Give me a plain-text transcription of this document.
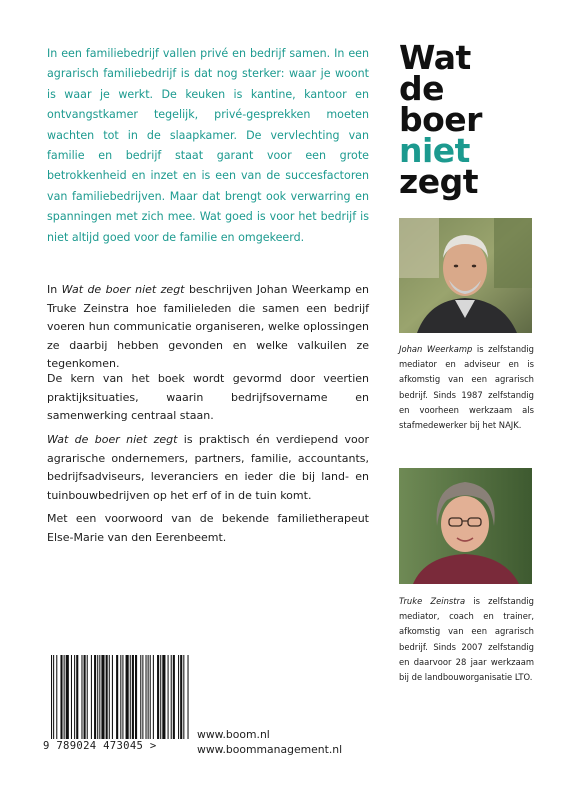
In een familiebedrijf vallen privé en bedrijf samen. In een agrarisch familiebedrijf is dat nog sterker: waar je woont is waar je werkt. De keuken is kantine, kantoor en ontvangstkamer tegelijk, privé-gesprekken moeten wachten tot in de slaapkamer. De vervlechting van familie en bedrijf staat garant voor een grote betrokkenheid en inzet en is een van de succesfactoren van familiebedrijven. Maar dat brengt ook verwarring en spanningen met zich mee. Wat goed is voor het bedrijf is niet altijd goed voor de familie en omgekeerd.

Wat
de
boer
niet
zegt

In Wat de boer niet zegt beschrijven Johan Weerkamp en Truke Zeinstra hoe familieleden die samen een bedrijf voeren hun communicatie organiseren, welke oplossingen ze daarbij hebben gevonden en welke valkuilen ze tegenkomen.

De kern van het boek wordt gevormd door veertien praktijksituaties, waarin bedrijfsovername en samenwerking centraal staan.

Wat de boer niet zegt is praktisch én verdiepend voor agrarische ondernemers, partners, familie, accountants, bedrijfsadviseurs, leveranciers en ieder die bij land- en tuinbouwbedrijven op het erf of in de tuin komt.

Met een voorwoord van de bekende familietherapeut Else-Marie van den Eerenbeemt.

Johan Weerkamp is zelfstandig mediator en adviseur en is afkomstig van een agrarisch bedrijf. Sinds 1987 zelfstandig en voorheen werkzaam als stafmedewerker bij het NAJK.

Truke Zeinstra is zelfstandig mediator, coach en trainer, afkomstig van een agrarisch bedrijf. Sinds 2007 zelfstandig en daarvoor 28 jaar werkzaam bij de landbouworganisatie LTO.

9 789024 473045 >
www.boom.nl
www.boommanagement.nl
